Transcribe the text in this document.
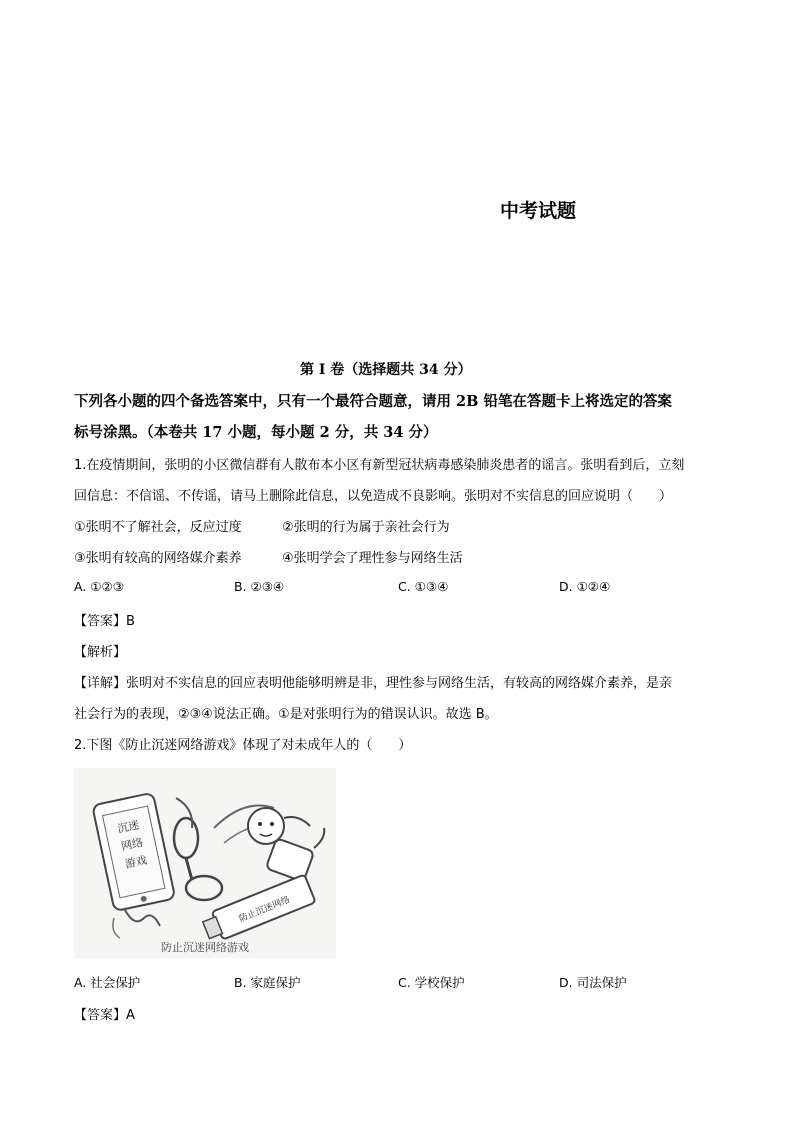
中考试题
第 I 卷（选择题共 34 分）
下列各小题的四个备选答案中，只有一个最符合题意，请用 2B 铅笔在答题卡上将选定的答案
标号涂黑。（本卷共 17 小题，每小题 2 分，共 34 分）
1.在疫情期间，张明的小区微信群有人散布本小区有新型冠状病毒感染肺炎患者的谣言。张明看到后，立刻
回信息：不信谣、不传谣，请马上删除此信息，以免造成不良影响。张明对不实信息的回应说明（　　）
①张明不了解社会，反应过度	②张明的行为属于亲社会行为
③张明有较高的网络媒介素养	④张明学会了理性参与网络生活
A. ①②③	B. ②③④	C. ①③④	D. ①②④
【答案】B
【解析】
【详解】张明对不实信息的回应表明他能够明辨是非，理性参与网络生活，有较高的网络媒介素养，是亲
社会行为的表现，②③④说法正确。①是对张明行为的错误认识。故选 B。
2.下图《防止沉迷网络游戏》体现了对未成年人的（　　）
沉迷
网络
游戏
防止沉迷网络
防止沉迷网络游戏
A. 社会保护	B. 家庭保护	C. 学校保护	D. 司法保护
【答案】A
